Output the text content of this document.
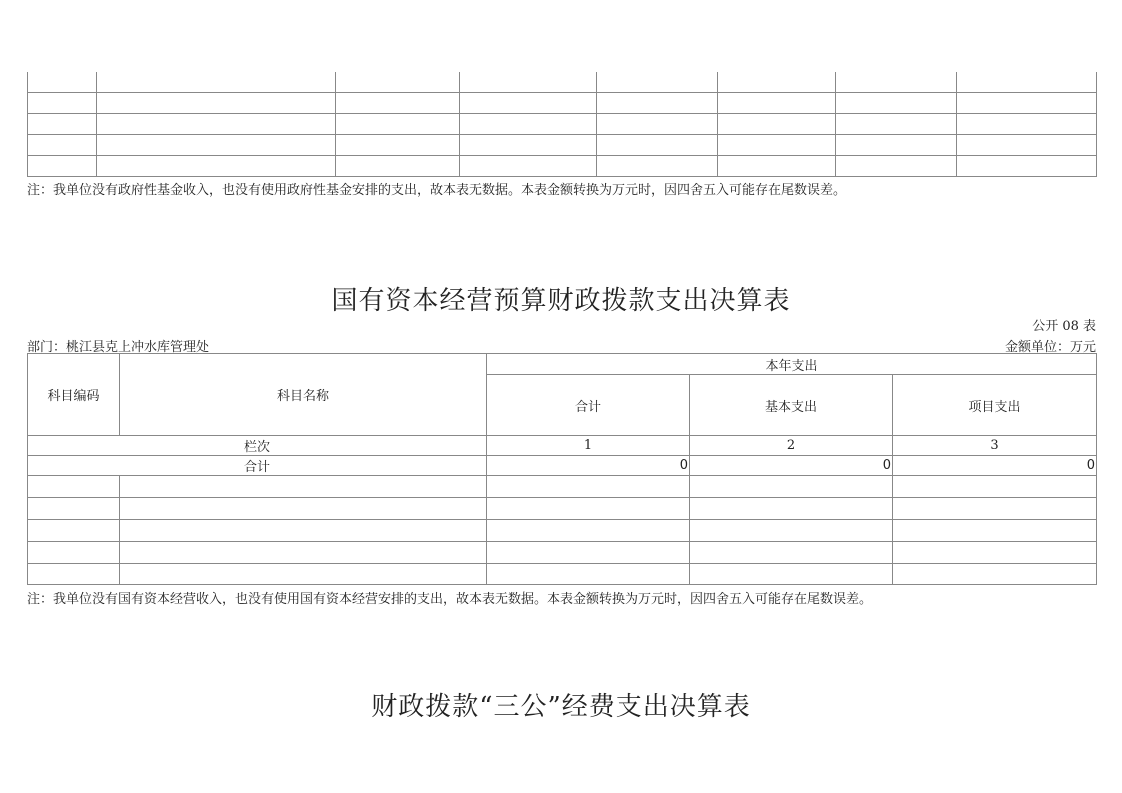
注：我单位没有政府性基金收入，也没有使用政府性基金安排的支出，故本表无数据。本表金额转换为万元时，因四舍五入可能存在尾数误差。
国有资本经营预算财政拨款支出决算表
公开 08 表
部门：桃江县克上冲水库管理处	金额单位：万元
科目编码	科目名称	本年支出		
		合计	基本支出	项目支出
栏次		1	2	3
合计		0	0	0

注：我单位没有国有资本经营收入，也没有使用国有资本经营安排的支出，故本表无数据。本表金额转换为万元时，因四舍五入可能存在尾数误差。
财政拨款“三公”经费支出决算表
